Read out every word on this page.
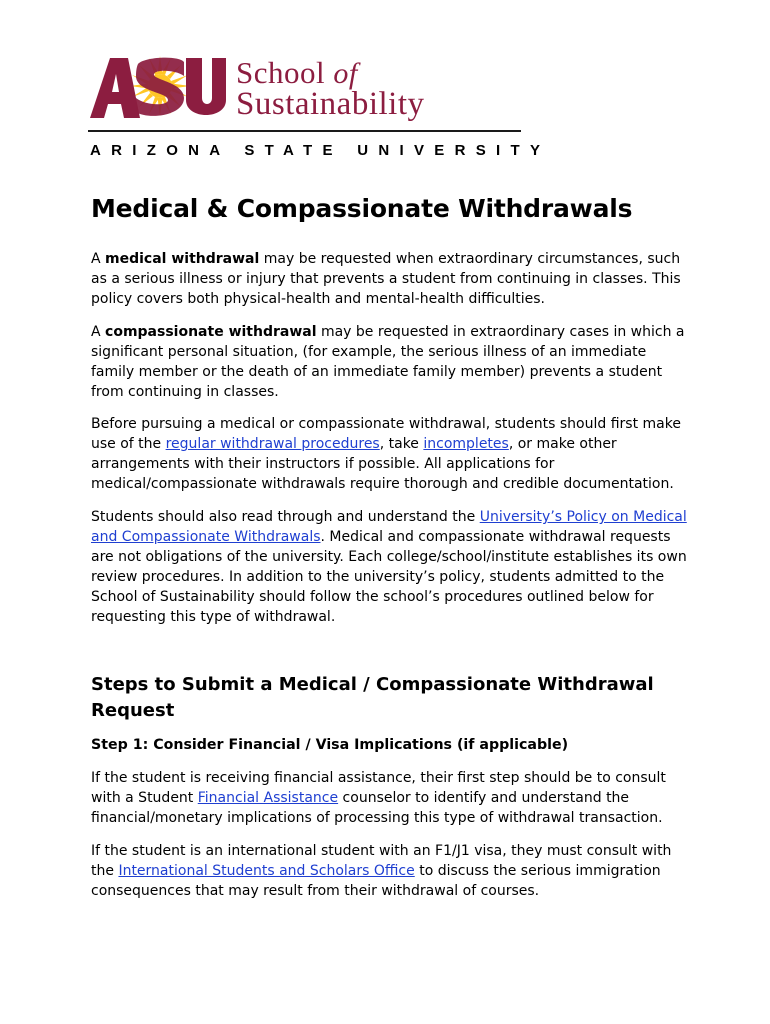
School of
Sustainability
ARIZONA STATE UNIVERSITY
Medical & Compassionate Withdrawals

A medical withdrawal may be requested when extraordinary circumstances, such as a serious illness or injury that prevents a student from continuing in classes. This policy covers both physical-health and mental-health difficulties.

A compassionate withdrawal may be requested in extraordinary cases in which a significant personal situation, (for example, the serious illness of an immediate family member or the death of an immediate family member) prevents a student from continuing in classes.

Before pursuing a medical or compassionate withdrawal, students should first make use of the regular withdrawal procedures, take incompletes, or make other arrangements with their instructors if possible. All applications for medical/compassionate withdrawals require thorough and credible documentation.

Students should also read through and understand the University’s Policy on Medical and Compassionate Withdrawals. Medical and compassionate withdrawal requests are not obligations of the university. Each college/school/institute establishes its own review procedures. In addition to the university’s policy, students admitted to the School of Sustainability should follow the school’s procedures outlined below for requesting this type of withdrawal.

Steps to Submit a Medical / Compassionate Withdrawal Request
Step 1: Consider Financial / Visa Implications (if applicable)

If the student is receiving financial assistance, their first step should be to consult with a Student Financial Assistance counselor to identify and understand the financial/monetary implications of processing this type of withdrawal transaction.

If the student is an international student with an F1/J1 visa, they must consult with the International Students and Scholars Office to discuss the serious immigration consequences that may result from their withdrawal of courses.
